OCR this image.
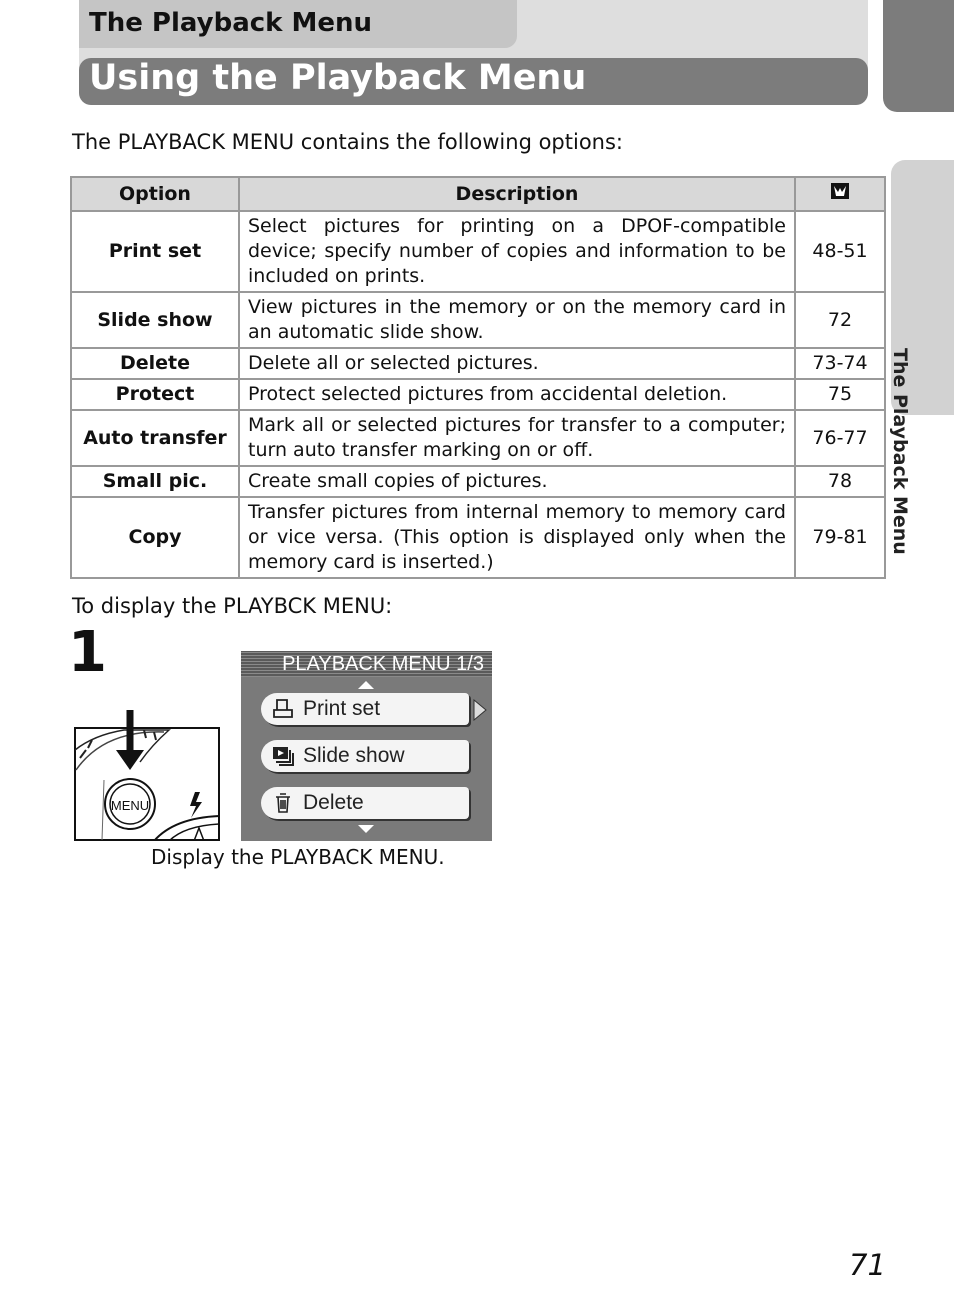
The Playback Menu
Using the Playback Menu
The Playback Menu
The PLAYBACK MENU contains the following options:
Option	Description	
Print set	Select pictures for printing on a DPOF-compatible device; specify number of copies and information to be included on prints.	48-51
Slide show	View pictures in the memory or on the memory card in an automatic slide show.	72
Delete	Delete all or selected pictures.	73-74
Protect	Protect selected pictures from accidental deletion.	75
Auto transfer	Mark all or selected pictures for transfer to a computer; turn auto transfer marking on or off.	76-77
Small pic.	Create small copies of pictures.	78
Copy	Transfer pictures from internal memory to memory card or vice versa. (This option is displayed only when the memory card is inserted.)	79-81
To display the PLAYBCK MENU:
1
MENU
PLAYBACK MENU 1/3
Print set
Slide show
Delete
Display the PLAYBACK MENU.
71
